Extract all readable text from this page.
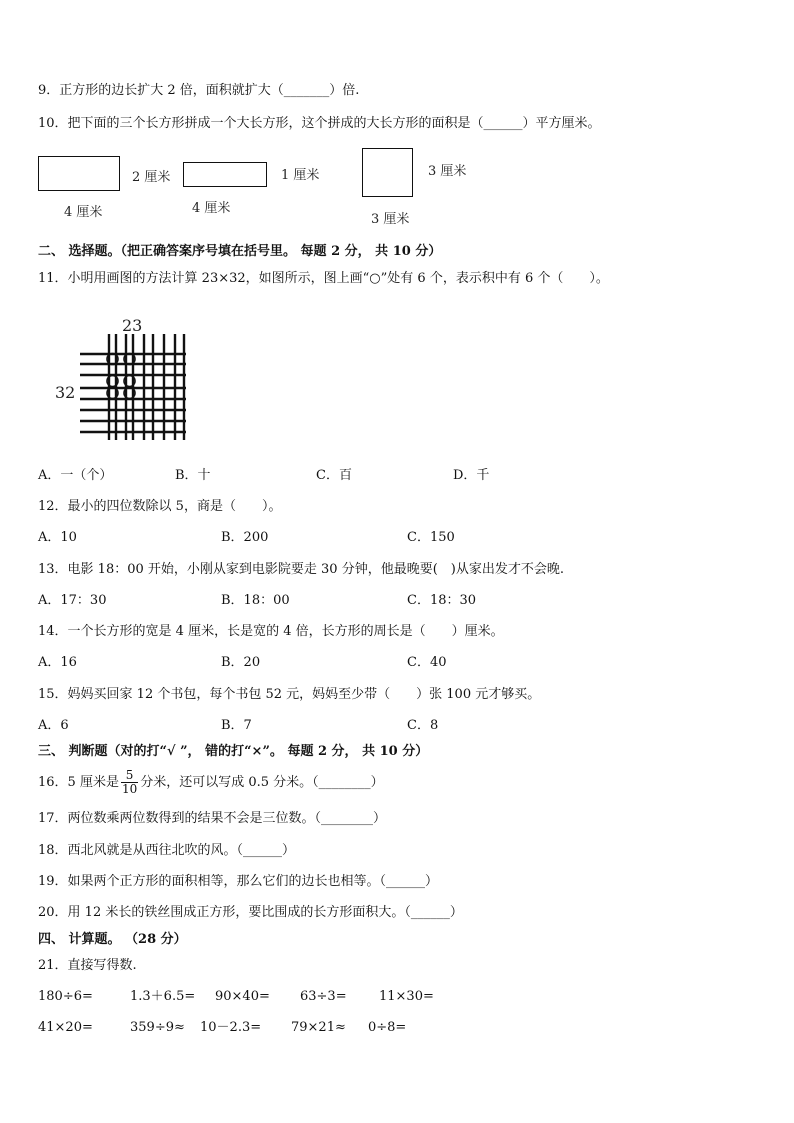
9．正方形的边长扩大 2 倍，面积就扩大（_______）倍.
10．把下面的三个长方形拼成一个大长方形，这个拼成的大长方形的面积是（______）平方厘米。
2 厘米
4 厘米
1 厘米
4 厘米
3 厘米
3 厘米
二、 选择题。（把正确答案序号填在括号里。 每题 2 分， 共 10 分）
11．小明用画图的方法计算 23×32，如图所示，图上画“○”处有 6 个，表示积中有 6 个（　　）。
23
32
A．一（个）	B．十	C．百	D．千
12．最小的四位数除以 5，商是（　　）。
A．10	B．200	C．150
13．电影 18：00 开始，小刚从家到电影院要走 30 分钟，他最晚要(　)从家出发才不会晚.
A．17：30	B．18：00	C．18：30
14．一个长方形的宽是 4 厘米，长是宽的 4 倍，长方形的周长是（　　）厘米。
A．16	B．20	C．40
15．妈妈买回家 12 个书包，每个书包 52 元，妈妈至少带（　　）张 100 元才够买。
A．6	B．7	C．8
三、 判断题（对的打“√ ”， 错的打“×”。 每题 2 分， 共 10 分）
16．5 厘米是 $\frac{5}{10}$ 分米，还可以写成 0.5 分米。（________）
17．两位数乘两位数得到的结果不会是三位数。（________）
18．西北风就是从西往北吹的风。（______）
19．如果两个正方形的面积相等，那么它们的边长也相等。（______）
20．用 12 米长的铁丝围成正方形，要比围成的长方形面积大。（______）
四、 计算题。 （28 分）
21．直接写得数.
180÷6=	1.3＋6.5= 90×40= 63÷3= 11×30=
41×20=	359÷9≈ 10－2.3= 79×21≈ 0÷8=
